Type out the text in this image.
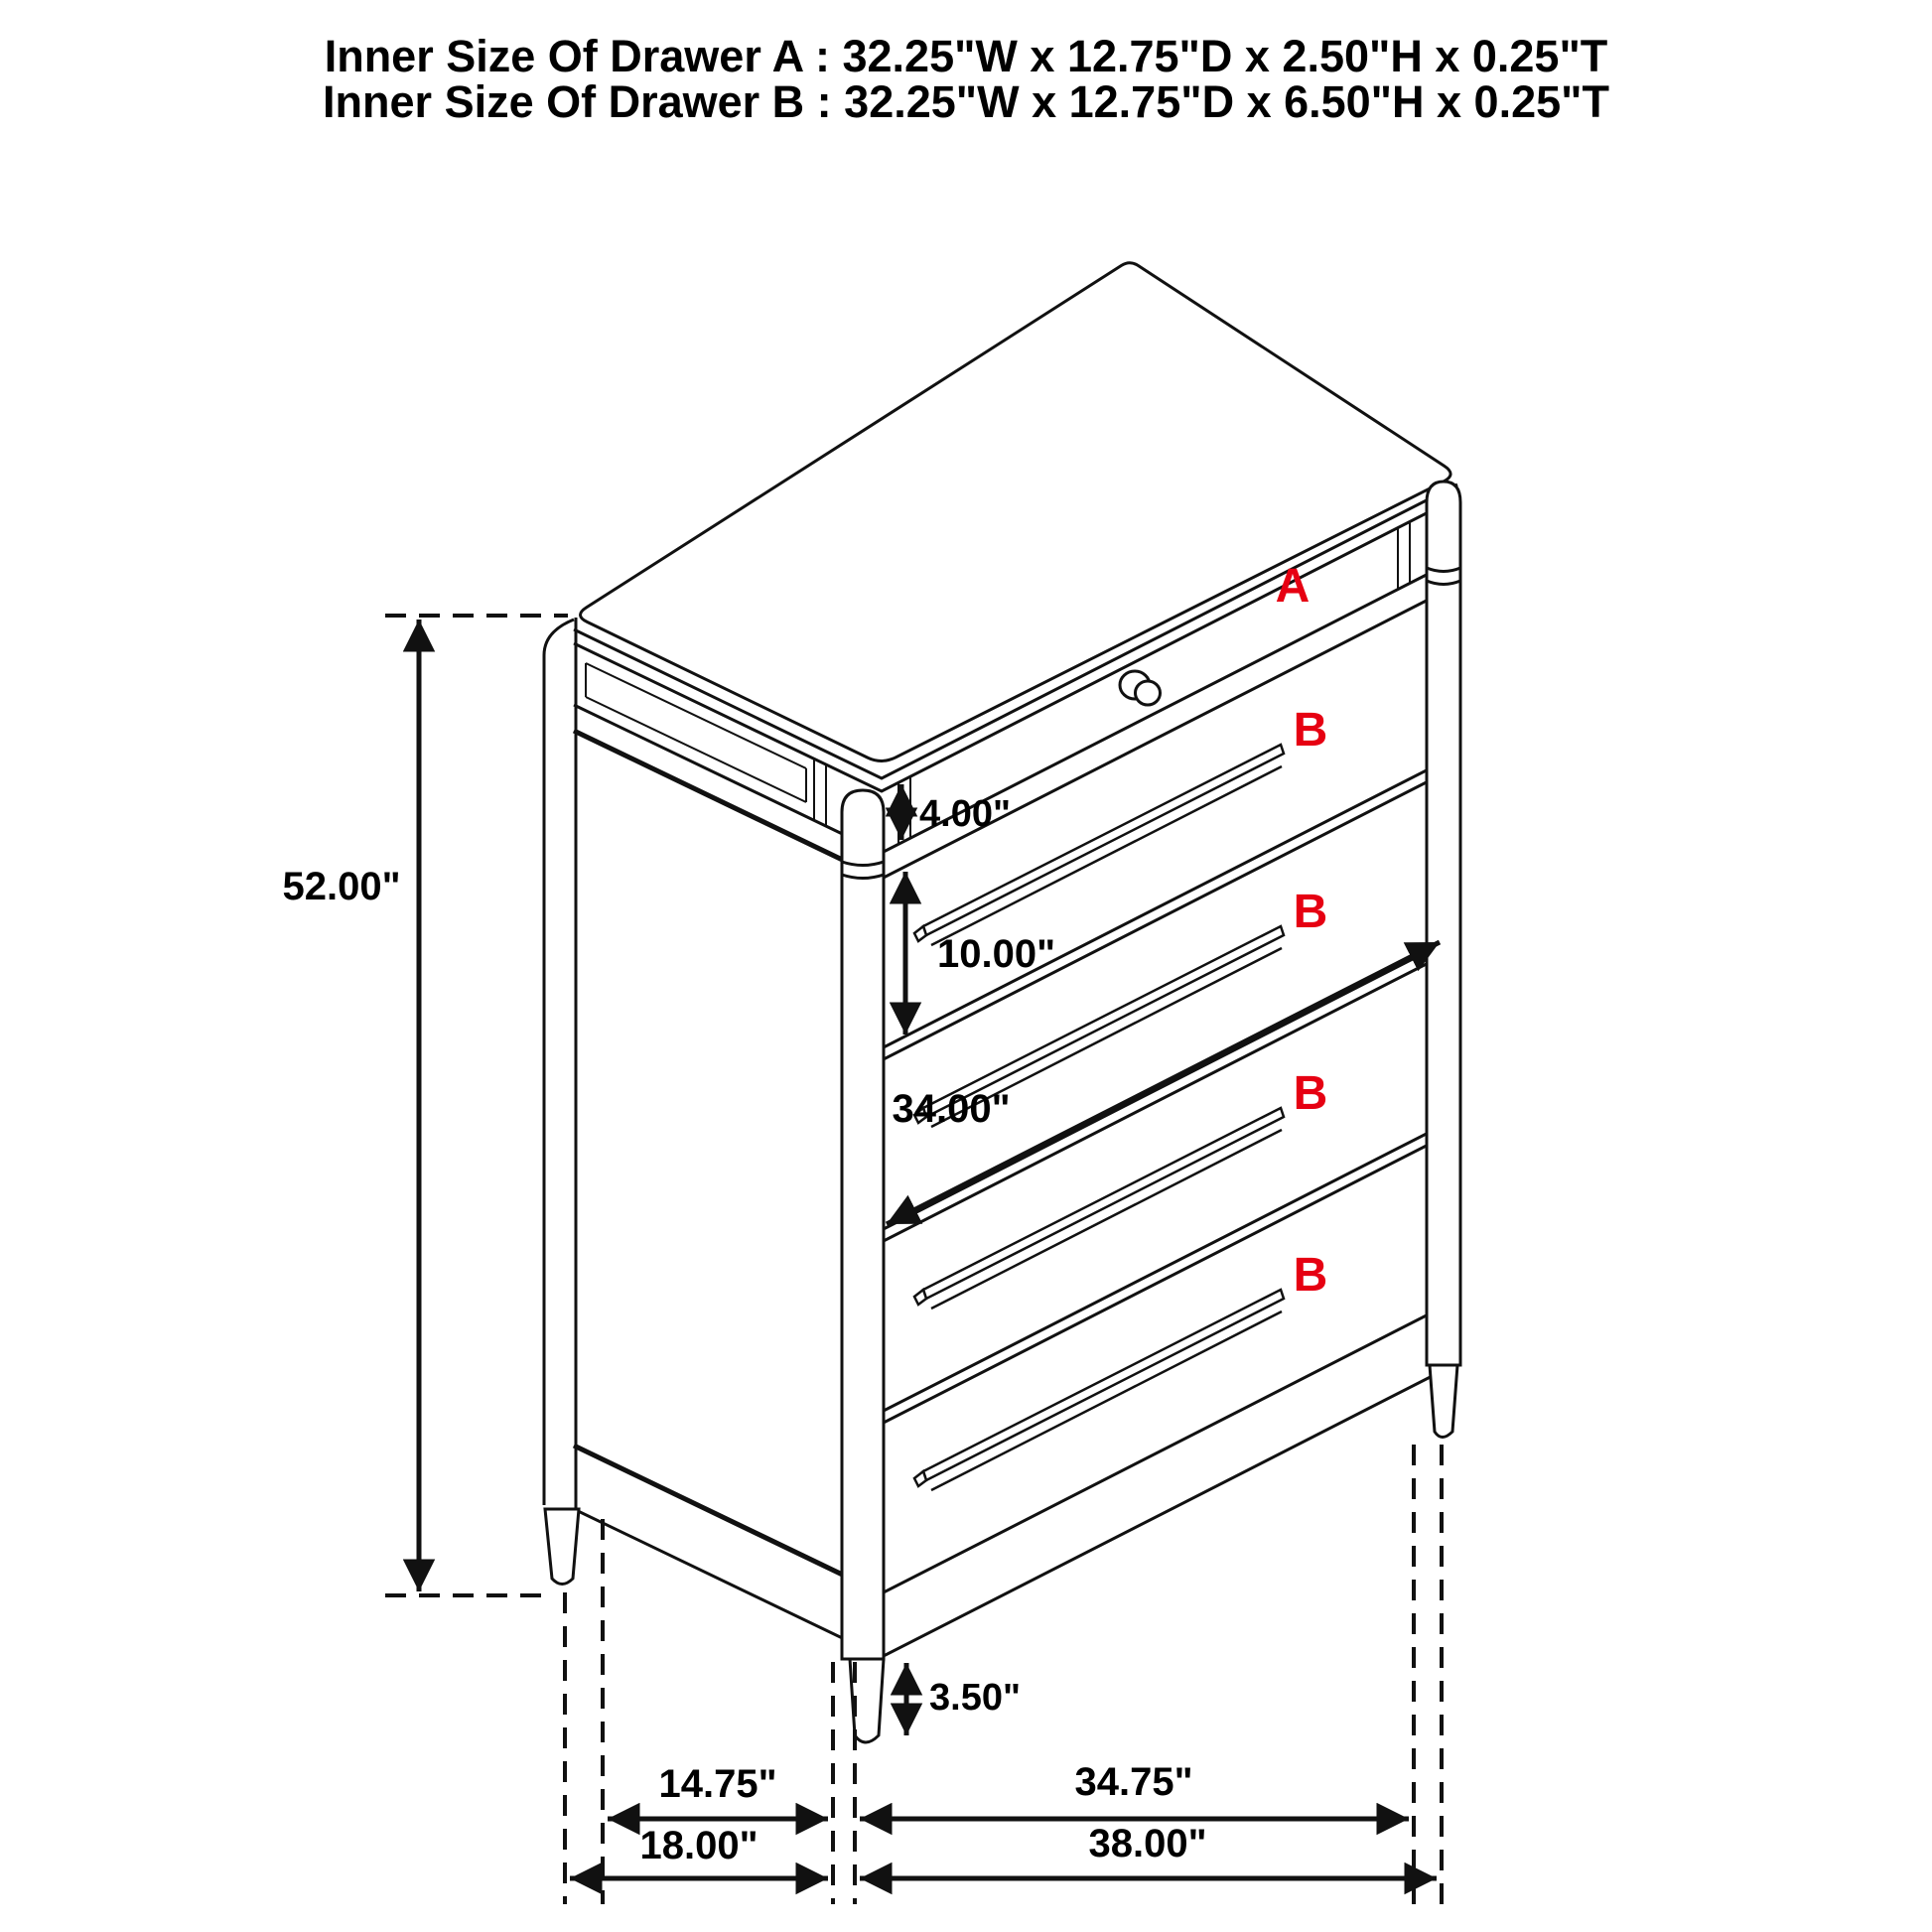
Inner Size Of Drawer A : 32.25"W x 12.75"D x 2.50"H x 0.25"T
Inner Size Of Drawer B : 32.25"W x 12.75"D x 6.50"H x 0.25"T
52.00"
4.00"
10.00"
34.00"
3.50"
14.75"	34.75"
18.00"	38.00"
A
B
B
B
B
